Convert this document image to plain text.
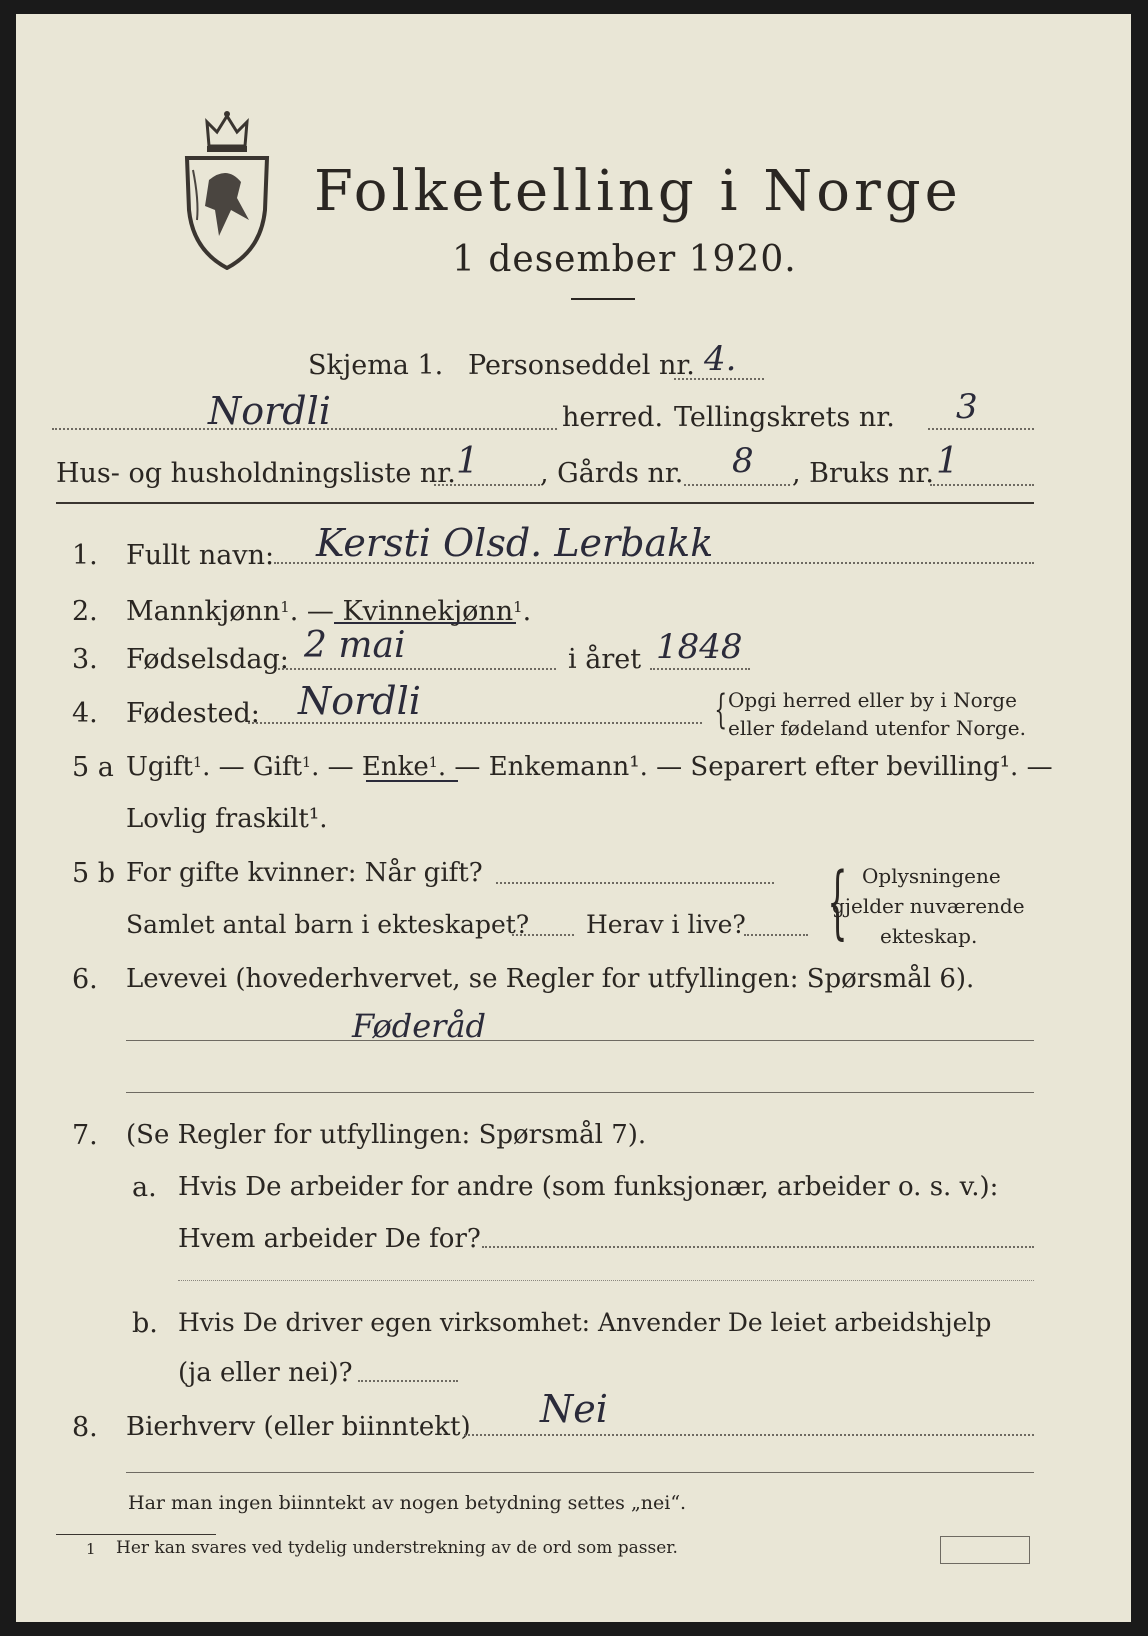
Folketelling i Norge
1 desember 1920.
Skjema 1. Personseddel nr. 4.
Nordli	herred. Tellingskrets nr. 3
Hus- og husholdningsliste nr. 1 , Gårds nr. 8 , Bruks nr. 1
1. Fullt navn: Kersti Olsd. Lerbakk
2. Mannkjønn$^1$. — Kvinnekjønn$^1$.
3. Fødselsdag: 2 mai	i året 1848
4. Fødested: Nordli	{ Opgi herred eller by i Norge
eller fødeland utenfor Norge.
5 a Ugift$^1$. — Gift$^1$. — Enke$^1$. — Enkemann¹. — Separert efter bevilling¹. —
Lovlig fraskilt¹.
5 b For gifte kvinner: Når gift?
Samlet antal barn i ekteskapet? Herav i live? { Oplysningene
gjelder nuværende
ekteskap.
6. Levevei (hovederhvervet, se Regler for utfyllingen: Spørsmål 6).
Føderåd
7. (Se Regler for utfyllingen: Spørsmål 7).
a. Hvis De arbeider for andre (som funksjonær, arbeider o. s. v.):
Hvem arbeider De for?
b. Hvis De driver egen virksomhet: Anvender De leiet arbeidshjelp
(ja eller nei)?
8. Bierhverv (eller biinntekt) Nei
Har man ingen biinntekt av nogen betydning settes „nei“.
1 Her kan svares ved tydelig understrekning av de ord som passer.
